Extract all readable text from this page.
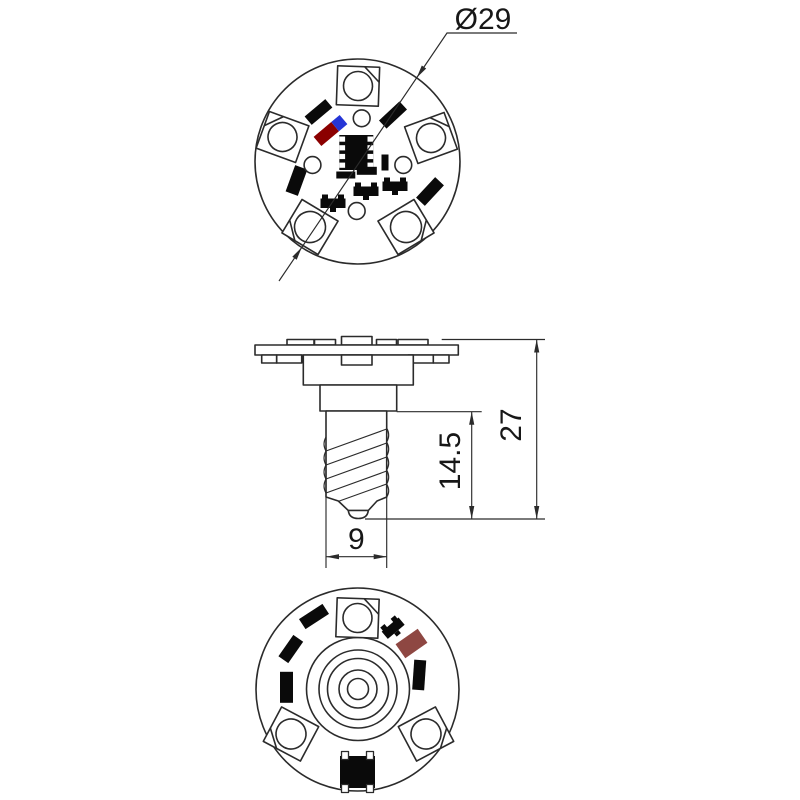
Ø29
27
14.5
9
